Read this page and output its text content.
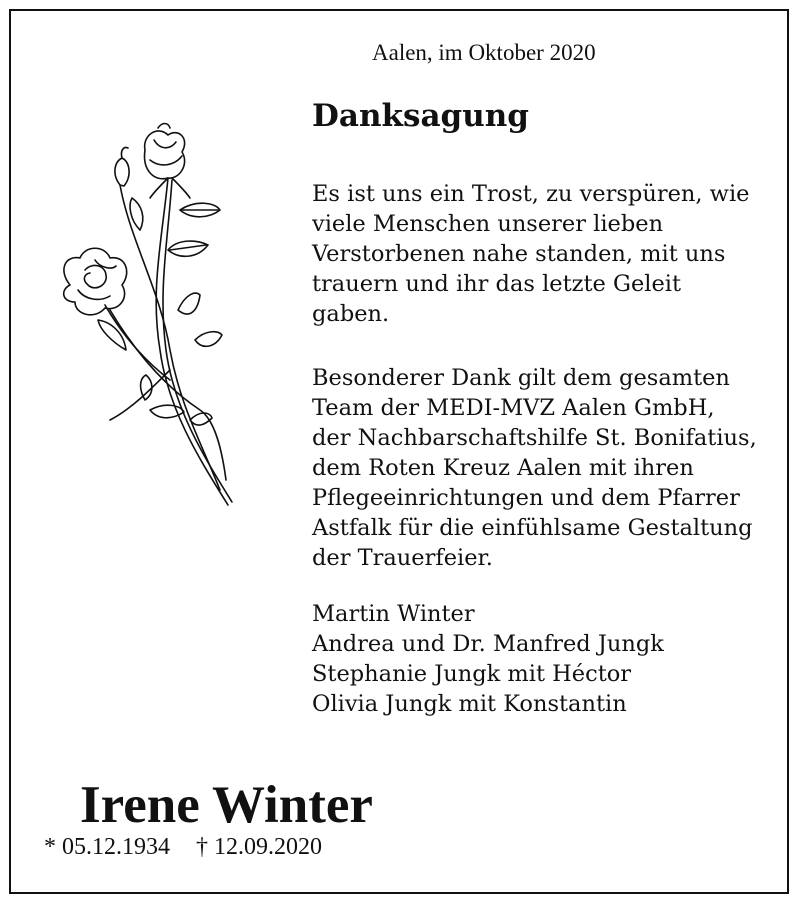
Aalen, im Oktober 2020
Danksagung
Es ist uns ein Trost, zu verspüren, wie
viele Menschen unserer lieben
Verstorbenen nahe standen, mit uns
trauern und ihr das letzte Geleit
gaben.
Besonderer Dank gilt dem gesamten
Team der MEDI-MVZ Aalen GmbH,
der Nachbarschaftshilfe St. Bonifatius,
dem Roten Kreuz Aalen mit ihren
Pflegeeinrichtungen und dem Pfarrer
Astfalk für die einfühlsame Gestaltung
der Trauerfeier.
Martin Winter
Andrea und Dr. Manfred Jungk
Stephanie Jungk mit Héctor
Olivia Jungk mit Konstantin
Irene Winter
* 05.12.1934 † 12.09.2020
